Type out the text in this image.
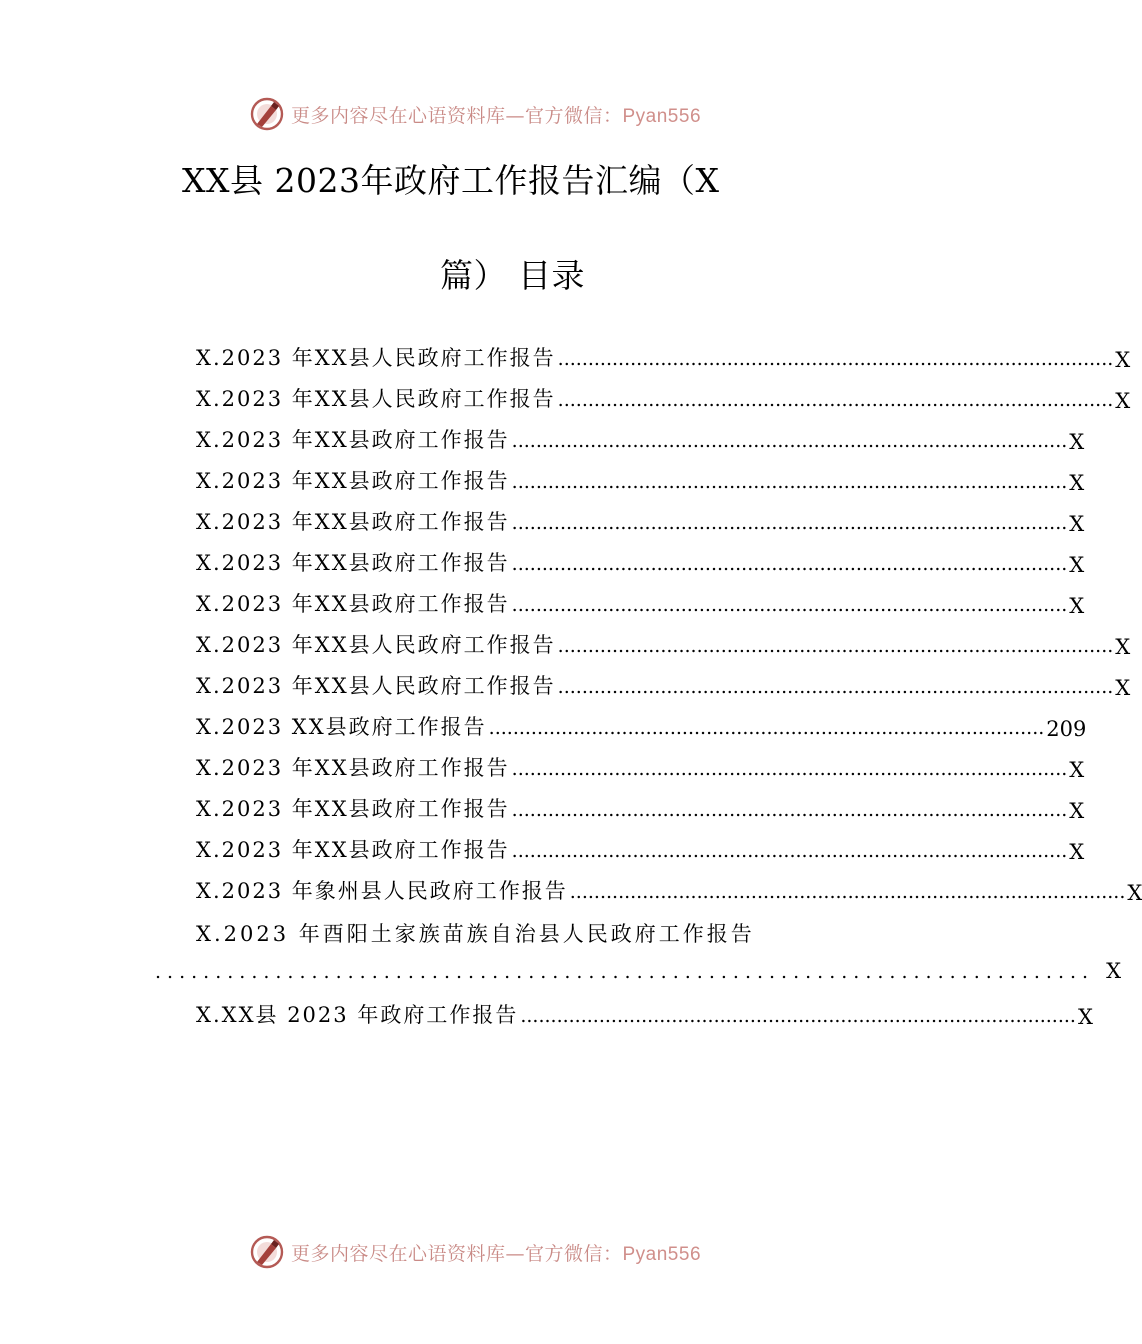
更多内容尽在心语资料库—官方微信：Pyan556
XX县 2023年政府工作报告汇编（X
篇） 目录
X.2023 年XX县人民政府工作报告 ............................................................................................ X
X.2023 年XX县人民政府工作报告 ............................................................................................ X
X.2023 年XX县政府工作报告 ............................................................................................ X
X.2023 年XX县政府工作报告 ............................................................................................ X
X.2023 年XX县政府工作报告 ............................................................................................ X
X.2023 年XX县政府工作报告 ............................................................................................ X
X.2023 年XX县政府工作报告 ............................................................................................ X
X.2023 年XX县人民政府工作报告 ............................................................................................ X
X.2023 年XX县人民政府工作报告 ............................................................................................ X
X.2023 XX县政府工作报告 ............................................................................................ 209
X.2023 年XX县政府工作报告 ............................................................................................ X
X.2023 年XX县政府工作报告 ............................................................................................ X
X.2023 年XX县政府工作报告 ............................................................................................ X
X.2023 年象州县人民政府工作报告 ............................................................................................ X
X.2023 年酉阳土家族苗族自治县人民政府工作报告
.............................................................................. X
X.XX县 2023 年政府工作报告 ............................................................................................ X
更多内容尽在心语资料库—官方微信：Pyan556
